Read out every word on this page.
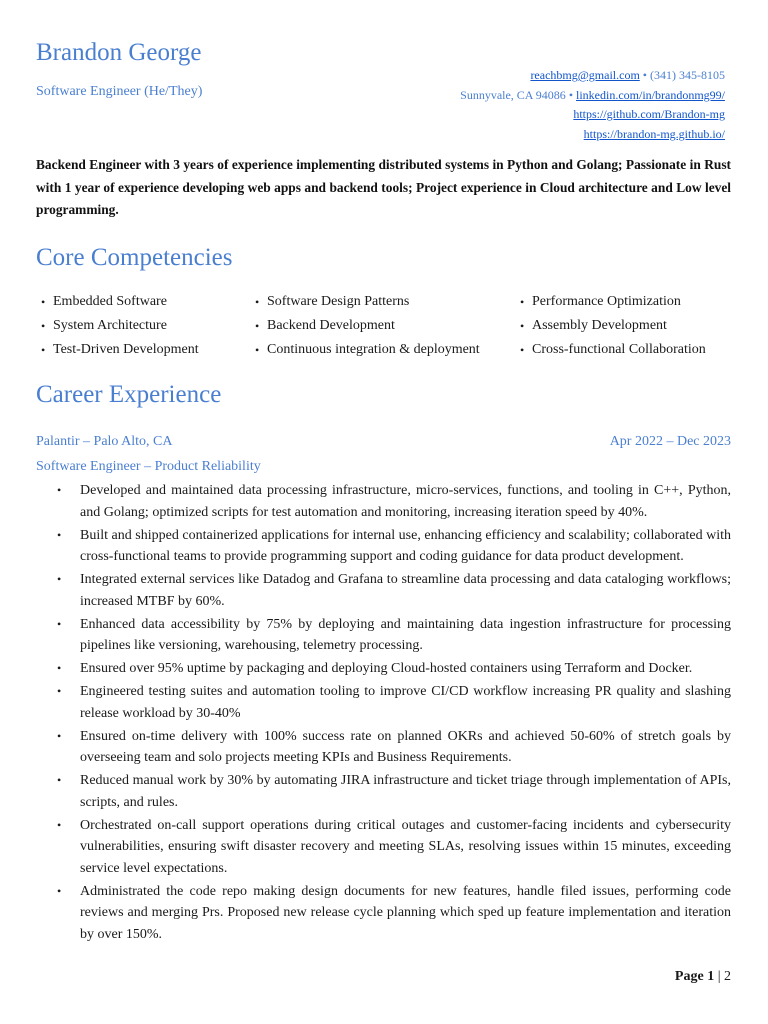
Brandon George
Software Engineer (He/They)
reachbmg@gmail.com • (341) 345-8105
Sunnyvale, CA 94086 • linkedin.com/in/brandonmg99/
https://github.com/Brandon-mg
https://brandon-mg.github.io/
Backend Engineer with 3 years of experience implementing distributed systems in Python and Golang; Passionate in Rust with 1 year of experience developing web apps and backend tools; Project experience in Cloud architecture and Low level programming.
Core Competencies
• Embedded Software
• System Architecture
• Test-Driven Development
• Software Design Patterns
• Backend Development
• Continuous integration & deployment
• Performance Optimization
• Assembly Development
• Cross-functional Collaboration
Career Experience
Palantir – Palo Alto, CA	Apr 2022 – Dec 2023
Software Engineer – Product Reliability
• Developed and maintained data processing infrastructure, micro-services, functions, and tooling in C++, Python, and Golang; optimized scripts for test automation and monitoring, increasing iteration speed by 40%.
• Built and shipped containerized applications for internal use, enhancing efficiency and scalability; collaborated with cross-functional teams to provide programming support and coding guidance for data product development.
• Integrated external services like Datadog and Grafana to streamline data processing and data cataloging workflows; increased MTBF by 60%.
• Enhanced data accessibility by 75% by deploying and maintaining data ingestion infrastructure for processing pipelines like versioning, warehousing, telemetry processing.
• Ensured over 95% uptime by packaging and deploying Cloud-hosted containers using Terraform and Docker.
• Engineered testing suites and automation tooling to improve CI/CD workflow increasing PR quality and slashing release workload by 30-40%
• Ensured on-time delivery with 100% success rate on planned OKRs and achieved 50-60% of stretch goals by overseeing team and solo projects meeting KPIs and Business Requirements.
• Reduced manual work by 30% by automating JIRA infrastructure and ticket triage through implementation of APIs, scripts, and rules.
• Orchestrated on-call support operations during critical outages and customer-facing incidents and cybersecurity vulnerabilities, ensuring swift disaster recovery and meeting SLAs, resolving issues within 15 minutes, exceeding service level expectations.
• Administrated the code repo making design documents for new features, handle filed issues, performing code reviews and merging Prs. Proposed new release cycle planning which sped up feature implementation and iteration by over 150%.
Page 1 | 2
